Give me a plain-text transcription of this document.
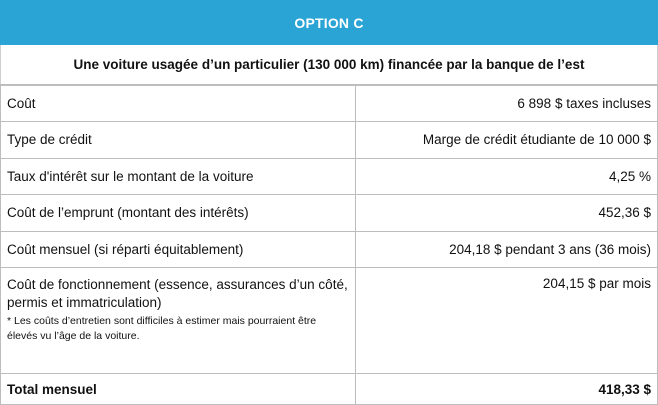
OPTION C
Une voiture usagée d’un particulier (130 000 km) financée par la banque de l’est
Coût	6 898 $ taxes incluses
Type de crédit	Marge de crédit étudiante de 10 000 $
Taux d'intérêt sur le montant de la voiture	4,25 %
Coût de l’emprunt (montant des intérêts)	452,36 $
Coût mensuel (si réparti équitablement)	204,18 $ pendant 3 ans (36 mois)

Coût de fonctionnement (essence, assurances d’un côté, permis et immatriculation)
* Les coûts d’entretien sont difficiles à estimer mais pourraient être élevés vu l’âge de la voiture.	204,15 $ par mois
Total mensuel	418,33 $
